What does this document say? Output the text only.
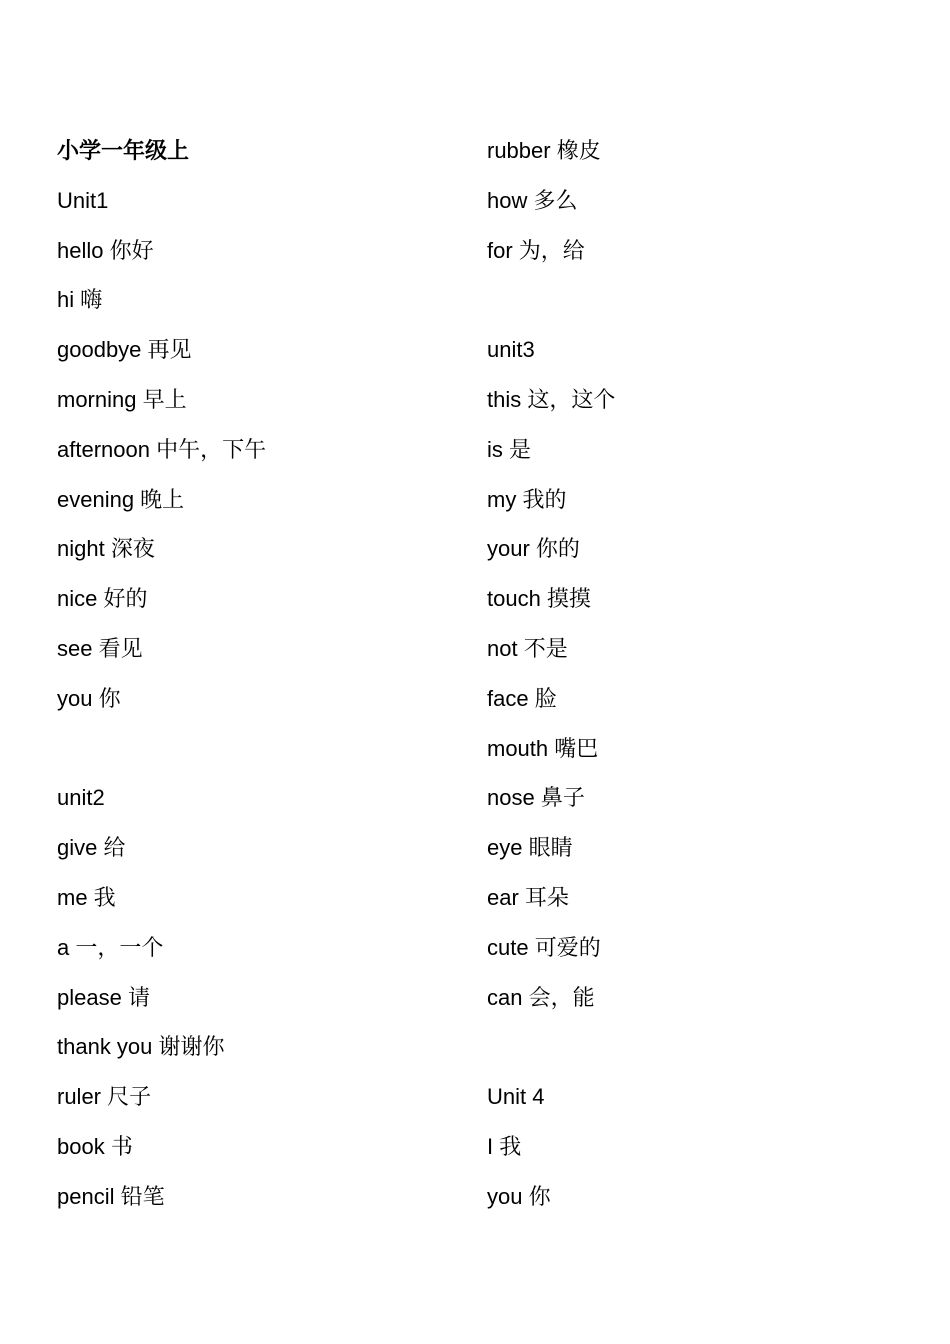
小学一年级上
Unit1
hello 你好
hi 嗨
goodbye 再见
morning 早上
afternoon 中午，下午
evening 晚上
night 深夜
nice 好的
see 看见
you 你
unit2
give 给
me 我
a 一，一个
please 请
thank you 谢谢你
ruler 尺子
book 书
pencil 铅笔
rubber 橡皮
how 多么
for 为，给
unit3
this 这，这个
is 是
my 我的
your 你的
touch 摸摸
not 不是
face 脸
mouth 嘴巴
nose 鼻子
eye 眼睛
ear 耳朵
cute 可爱的
can 会，能
Unit 4
I 我
you 你
